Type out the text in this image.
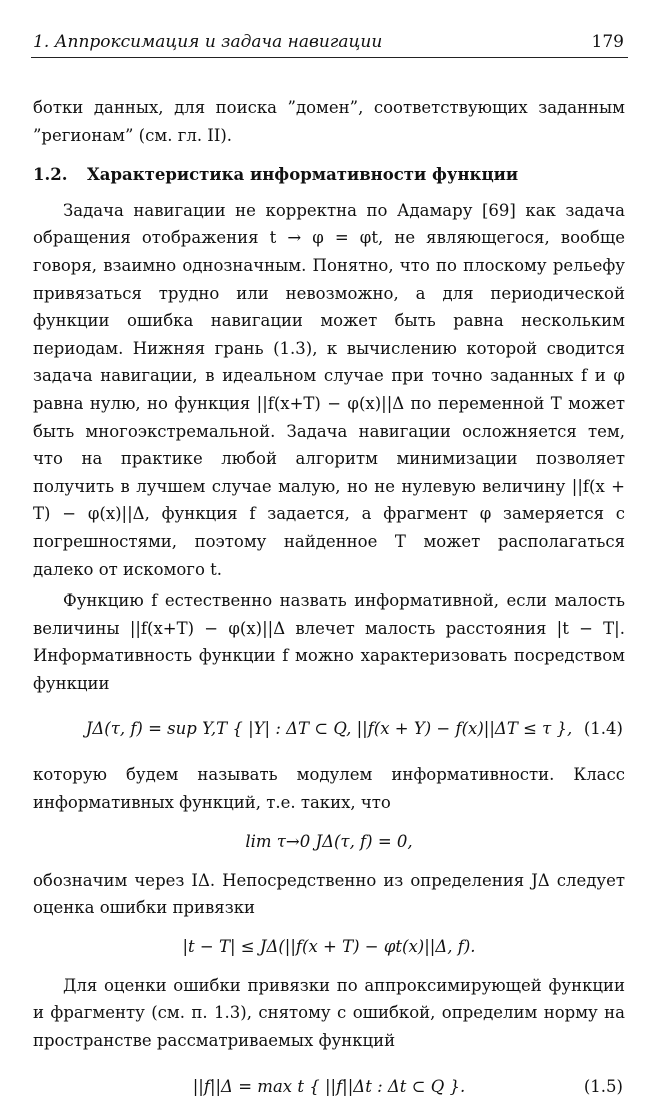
1. Аппроксимация и задача навигации	179

ботки данных, для поиска ”домен”, соответствующих заданным ”регионам” (см. гл. II).

1.2. Характеристика информативности функции

Задача навигации не корректна по Адамару [69] как задача обращения отображения t → φ = φt, не являющегося, вообще говоря, взаимно однозначным. Понятно, что по плоскому рельефу привязаться трудно или невозможно, а для периодической функции ошибка навигации может быть равна нескольким периодам. Нижняя грань (1.3), к вычислению которой сводится задача навигации, в идеальном случае при точно заданных f и φ равна нулю, но функция ||f(x+T) − φ(x)||Δ по переменной T может быть многоэкстремальной. Задача навигации осложняется тем, что на практике любой алгоритм минимизации позволяет получить в лучшем случае малую, но не нулевую величину ||f(x + T) − φ(x)||Δ, функция f задается, а фрагмент φ замеряется с погрешностями, поэтому найденное T может располагаться далеко от искомого t.

Функцию f естественно назвать информативной, если малость величины ||f(x+T) − φ(x)||Δ влечет малость расстояния |t − T|. Информативность функции f можно характеризовать посредством функции

JΔ(τ, f) = sup Y,T { |Y| : ΔT ⊂ Q, ||f(x + Y) − f(x)||ΔT ≤ τ }, (1.4)

которую будем называть модулем информативности. Класс информативных функций, т.е. таких, что

lim τ→0 JΔ(τ, f) = 0,

обозначим через IΔ. Непосредственно из определения JΔ следует оценка ошибки привязки

|t − T| ≤ JΔ(||f(x + T) − φt(x)||Δ, f).

Для оценки ошибки привязки по аппроксимирующей функции и фрагменту (см. п. 1.3), снятому с ошибкой, определим норму на пространстве рассматриваемых функций

||f||Δ = max t { ||f||Δt : Δt ⊂ Q }.	(1.5)
